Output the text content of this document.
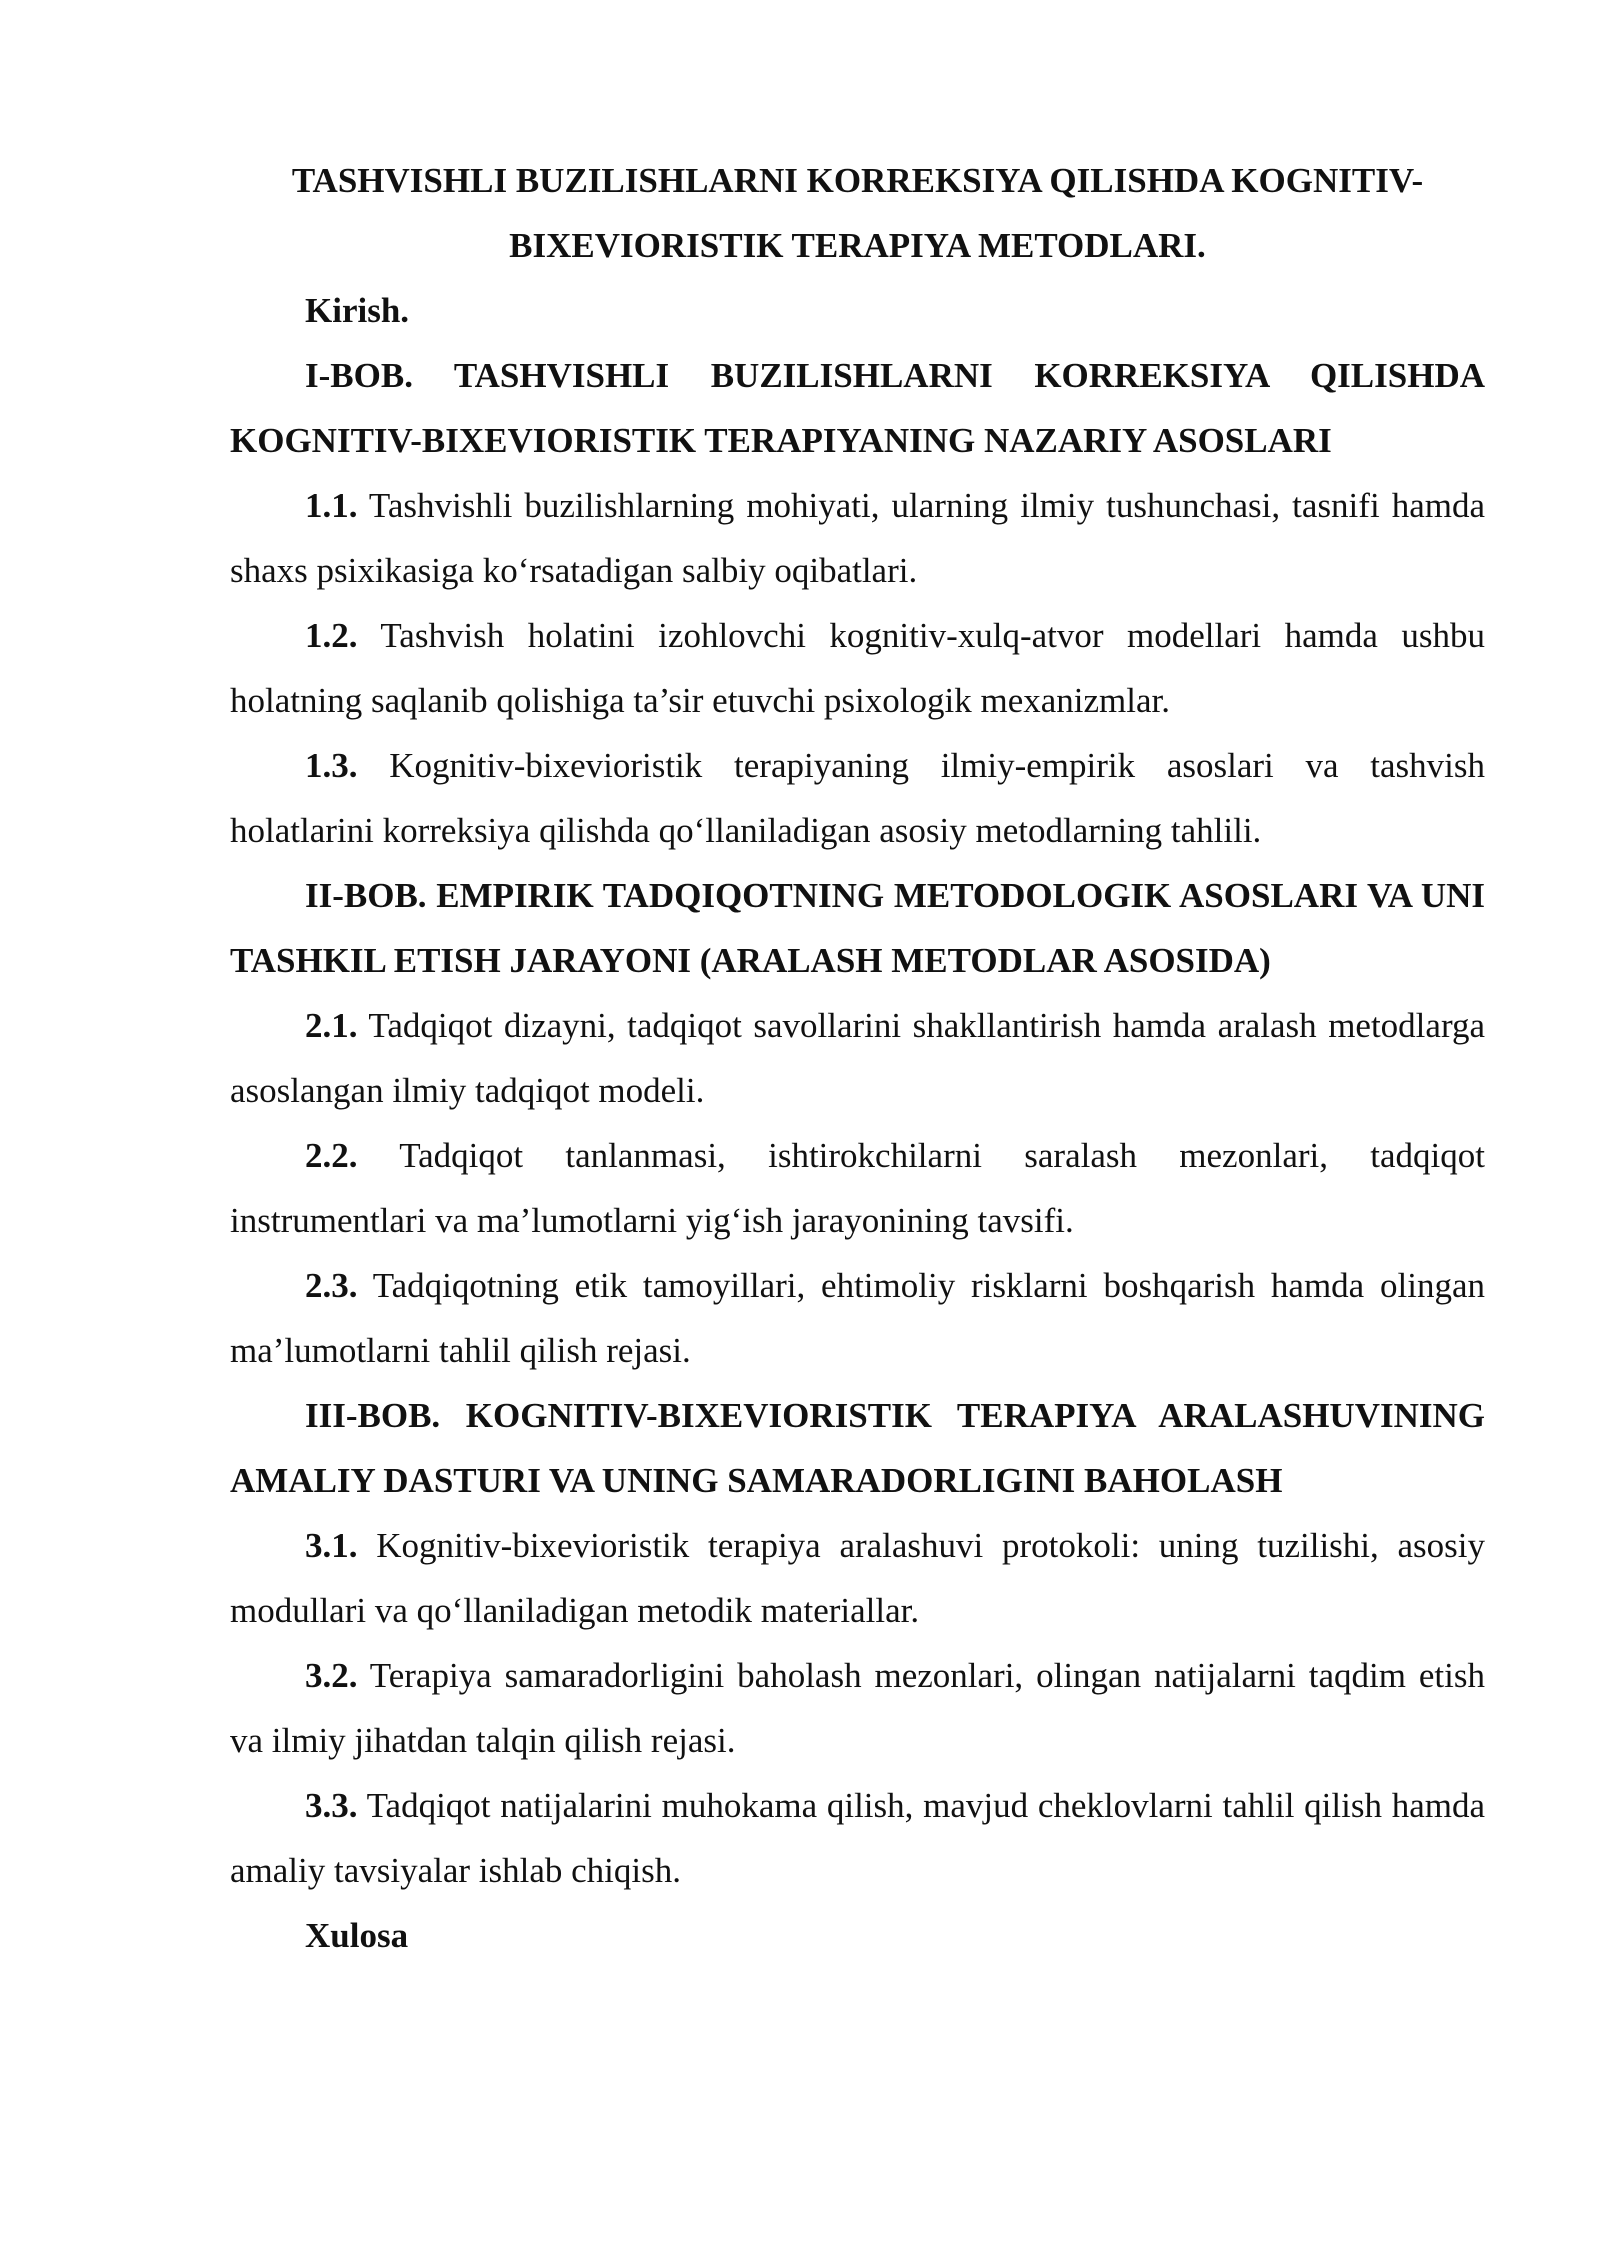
TASHVISHLI BUZILISHLARNI KORREKSIYA QILISHDA KOGNITIV-BIXEVIORISTIK TERAPIYA METODLARI.

Kirish.

I-BOB. TASHVISHLI BUZILISHLARNI KORREKSIYA QILISHDA KOGNITIV-BIXEVIORISTIK TERAPIYANING NAZARIY ASOSLARI

1.1. Tashvishli buzilishlarning mohiyati, ularning ilmiy tushunchasi, tasnifi hamda shaxs psixikasiga ko‘rsatadigan salbiy oqibatlari.

1.2. Tashvish holatini izohlovchi kognitiv-xulq-atvor modellari hamda ushbu holatning saqlanib qolishiga ta’sir etuvchi psixologik mexanizmlar.

1.3. Kognitiv-bixevioristik terapiyaning ilmiy-empirik asoslari va tashvish holatlarini korreksiya qilishda qo‘llaniladigan asosiy metodlarning tahlili.

II-BOB. EMPIRIK TADQIQOTNING METODOLOGIK ASOSLARI VA UNI TASHKIL ETISH JARAYONI (ARALASH METODLAR ASOSIDA)

2.1. Tadqiqot dizayni, tadqiqot savollarini shakllantirish hamda aralash metodlarga asoslangan ilmiy tadqiqot modeli.

2.2. Tadqiqot tanlanmasi, ishtirokchilarni saralash mezonlari, tadqiqot instrumentlari va ma’lumotlarni yig‘ish jarayonining tavsifi.

2.3. Tadqiqotning etik tamoyillari, ehtimoliy risklarni boshqarish hamda olingan ma’lumotlarni tahlil qilish rejasi.

III-BOB. KOGNITIV-BIXEVIORISTIK TERAPIYA ARALASHUVINING AMALIY DASTURI VA UNING SAMARADORLIGINI BAHOLASH

3.1. Kognitiv-bixevioristik terapiya aralashuvi protokoli: uning tuzilishi, asosiy modullari va qo‘llaniladigan metodik materiallar.

3.2. Terapiya samaradorligini baholash mezonlari, olingan natijalarni taqdim etish va ilmiy jihatdan talqin qilish rejasi.

3.3. Tadqiqot natijalarini muhokama qilish, mavjud cheklovlarni tahlil qilish hamda amaliy tavsiyalar ishlab chiqish.

Xulosa
